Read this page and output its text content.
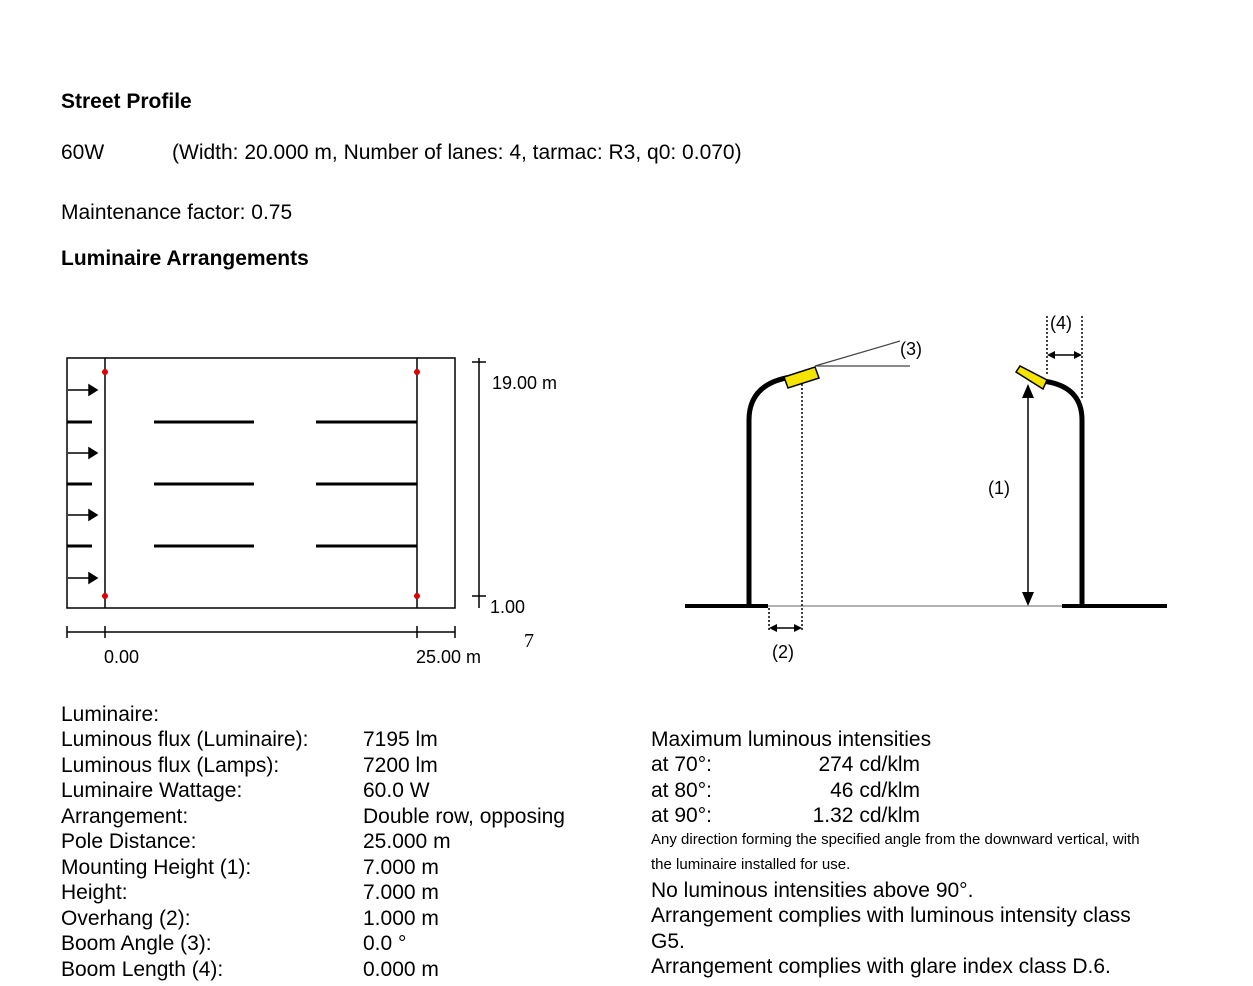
Street Profile
60W	(Width: 20.000 m, Number of lanes: 4, tarmac: R3, q0: 0.070)
Maintenance factor: 0.75
Luminaire Arrangements
19.00 m
1.00
0.00	25.00 m
7
(1)
(2)
(3)
(4)
Luminaire:
Luminous flux (Luminaire):
Luminous flux (Lamps):
Luminaire Wattage:
Arrangement:
Pole Distance:
Mounting Height (1):
Height:
Overhang (2):
Boom Angle (3):
Boom Length (4):
7195 lm
7200 lm
60.0 W
Double row, opposing
25.000 m
7.000 m
7.000 m
1.000 m
0.0 °
0.000 m
Maximum luminous intensities
at 70°:
at 80°:
at 90°:
274 cd/klm
46 cd/klm
1.32 cd/klm
Any direction forming the specified angle from the downward vertical, with
the luminaire installed for use.
No luminous intensities above 90°.
Arrangement complies with luminous intensity class
G5.
Arrangement complies with glare index class D.6.
